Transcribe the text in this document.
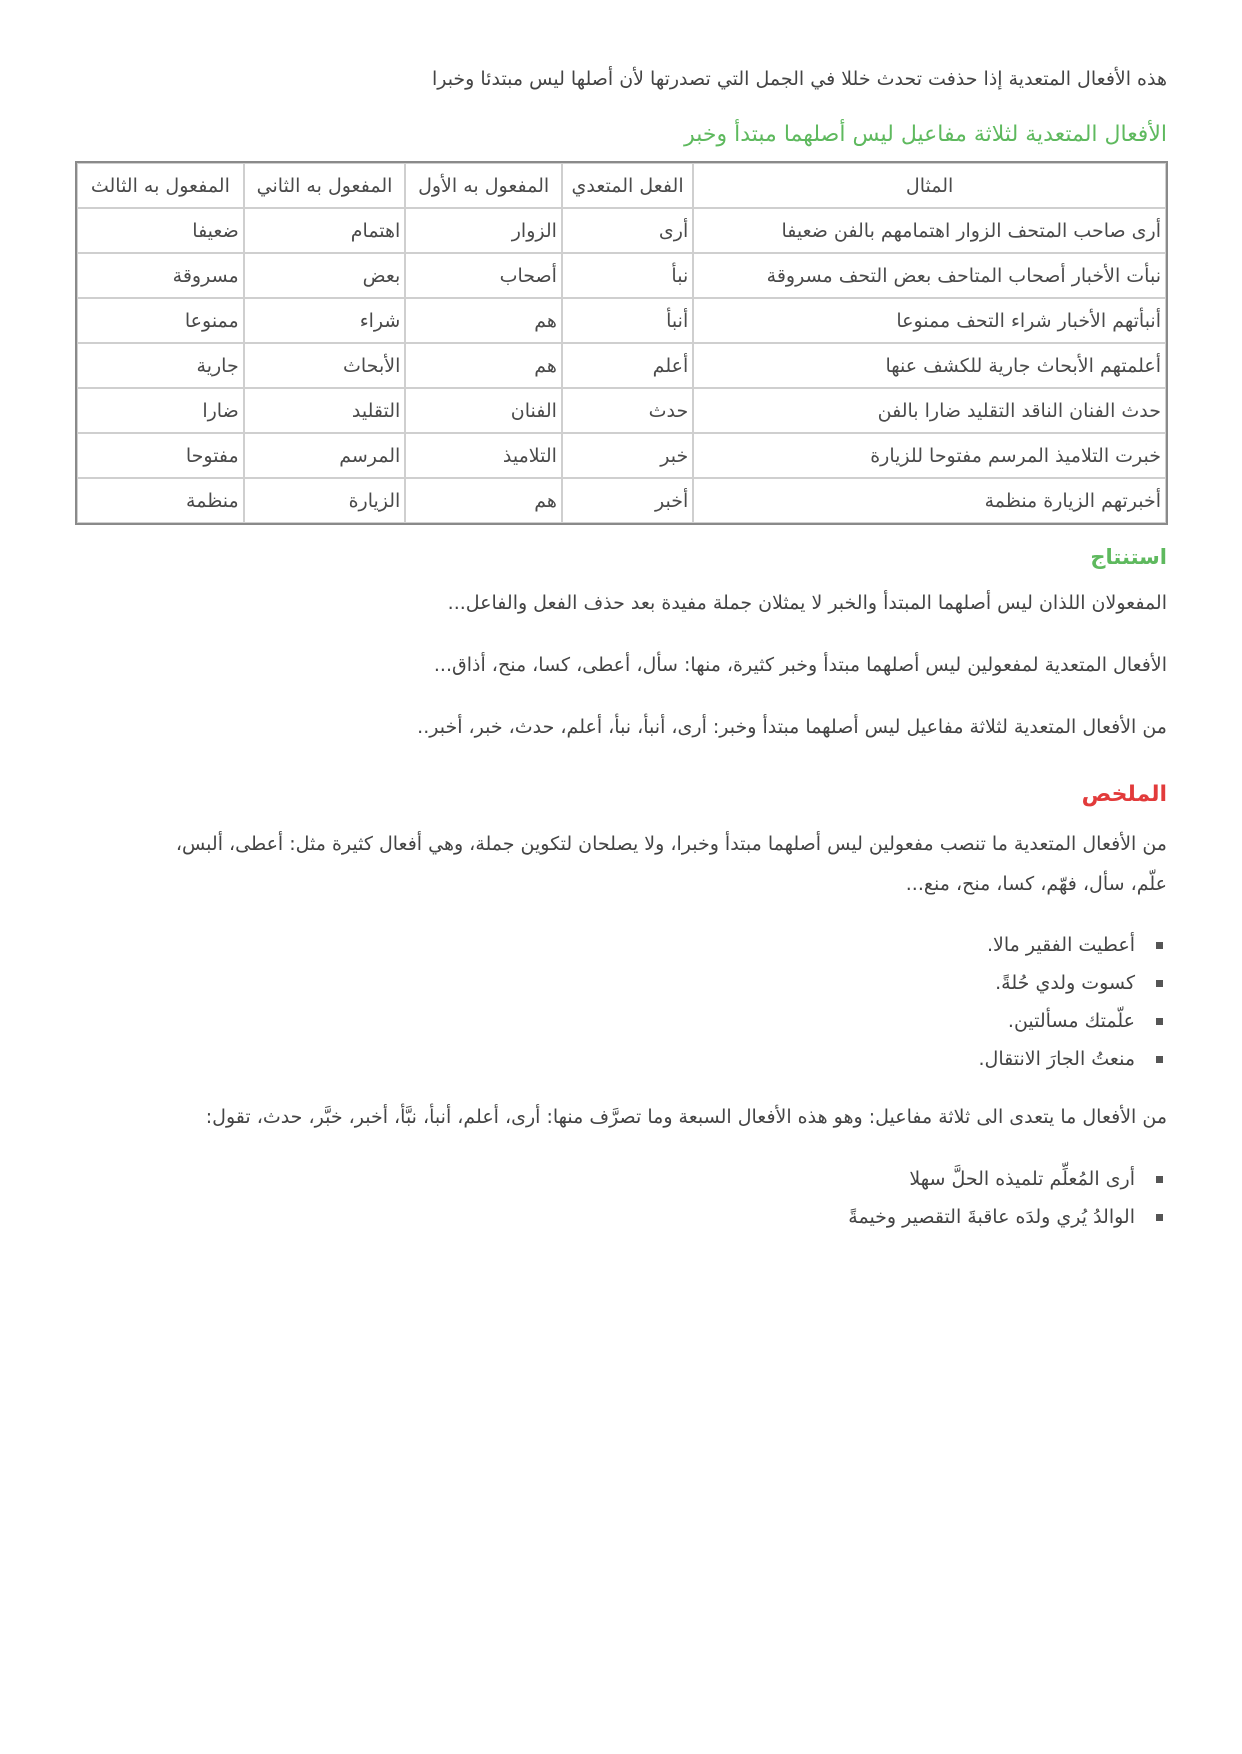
هذه الأفعال المتعدية إذا حذفت تحدث خللا في الجمل التي تصدرتها لأن أصلها ليس مبتدئا وخبرا

الأفعال المتعدية لثلاثة مفاعيل ليس أصلهما مبتدأ وخبر
المثال	الفعل المتعدي	المفعول به الأول	المفعول به الثاني	المفعول به الثالث
أرى صاحب المتحف الزوار اهتمامهم بالفن ضعيفا	أرى	الزوار	اهتمام	ضعيفا
نبأت الأخبار أصحاب المتاحف بعض التحف مسروقة	نبأ	أصحاب	بعض	مسروقة
أنبأتهم الأخبار شراء التحف ممنوعا	أنبأ	هم	شراء	ممنوعا
أعلمتهم الأبحاث جارية للكشف عنها	أعلم	هم	الأبحاث	جارية
حدث الفنان الناقد التقليد ضارا بالفن	حدث	الفنان	التقليد	ضارا
خبرت التلاميذ المرسم مفتوحا للزيارة	خبر	التلاميذ	المرسم	مفتوحا
أخبرتهم الزيارة منظمة	أخبر	هم	الزيارة	منظمة
استنتاج

المفعولان اللذان ليس أصلهما المبتدأ والخبر لا يمثلان جملة مفيدة بعد حذف الفعل والفاعل...

الأفعال المتعدية لمفعولين ليس أصلهما مبتدأ وخبر كثيرة، منها: سأل، أعطى، كسا، منح، أذاق...

من الأفعال المتعدية لثلاثة مفاعيل ليس أصلهما مبتدأ وخبر: أرى، أنبأ، نبأ، أعلم، حدث، خبر، أخبر..

الملخص
من الأفعال المتعدية ما تنصب مفعولين ليس أصلهما مبتدأ وخبرا، ولا يصلحان لتكوين جملة، وهي أفعال كثيرة مثل: أعطى، ألبس،
علّم، سأل، فهّم، كسا، منح، منع...
أعطيت الفقير مالا.
كسوت ولدي حُلةً.
علّمتك مسألتين.
منعتُ الجارَ الانتقال.

من الأفعال ما يتعدى الى ثلاثة مفاعيل: وهو هذه الأفعال السبعة وما تصرَّف منها: أرى، أعلم، أنبأ، نبَّأ، أخبر، خبَّر، حدث، تقول:

أرى المُعلِّم تلميذه الحلَّ سهلا
الوالدُ يُري ولدَه عاقبةَ التقصير وخيمةً
